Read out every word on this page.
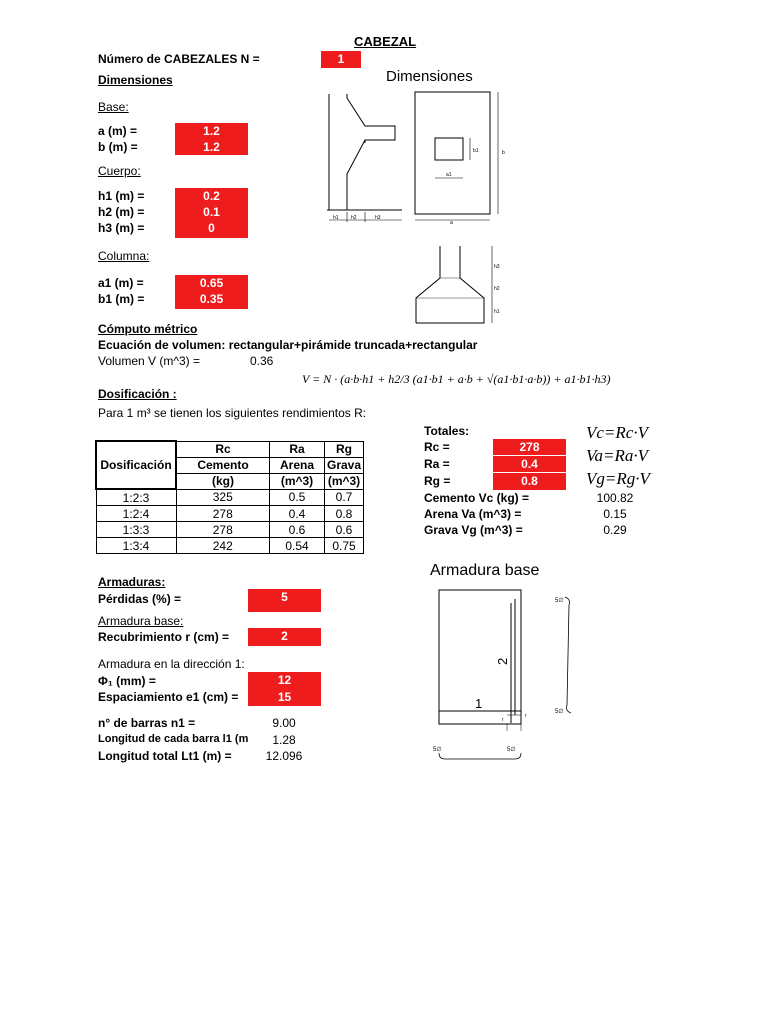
CABEZAL
Número de CABEZALES N =	1
Dimensiones
Base:
a (m) =	1.2
b (m) =	1.2
Cuerpo:
h1 (m) =	0.2
h2 (m) =	0.1
h3 (m) =	0
Columna:
a1 (m) =	0.65
b1 (m) =	0.35
Dimensiones
h1 h2	h3
a
b
a1
b1
h3
h2
h1
Cómputo métrico
Ecuación de volumen: rectangular+pirámide truncada+rectangular
Volumen V (m^3) =	0.36
V = N · (a·b·h1 + h2/3 (a1·b1 + a·b + √(a1·b1·a·b)) + a1·b1·h3)
Dosificación :
Para 1 m³ se tienen los siguientes rendimientos R:
Dosificación	Rc	Ra	Rg
	Cemento	Arena	Grava
	(kg)	(m^3)	(m^3)
1:2:3	325	0.5	0.7
1:2:4	278	0.4	0.8
1:3:3	278	0.6	0.6
1:3:4	242	0.54	0.75
Totales:
Rc =	278
Ra =	0.4
Rg =	0.8
Vc=Rc·V
Va=Ra·V
Vg=Rg·V
Cemento Vc (kg) =	100.82
Arena Va (m^3) =	0.15
Grava Vg (m^3) =	0.29
Armaduras:
Pérdidas (%) =	5
Armadura base:
Recubrimiento r (cm) =	2
Armadura en la dirección 1:
Φ₁ (mm) =	12
Espaciamiento e1 (cm) =	15
n° de barras n1 =	9.00
Longitud de cada barra l1 (m	1.28
Longitud total Lt1 (m) =	12.096
Armadura base
1
2
5∅
5∅
5∅	5∅
r
r
